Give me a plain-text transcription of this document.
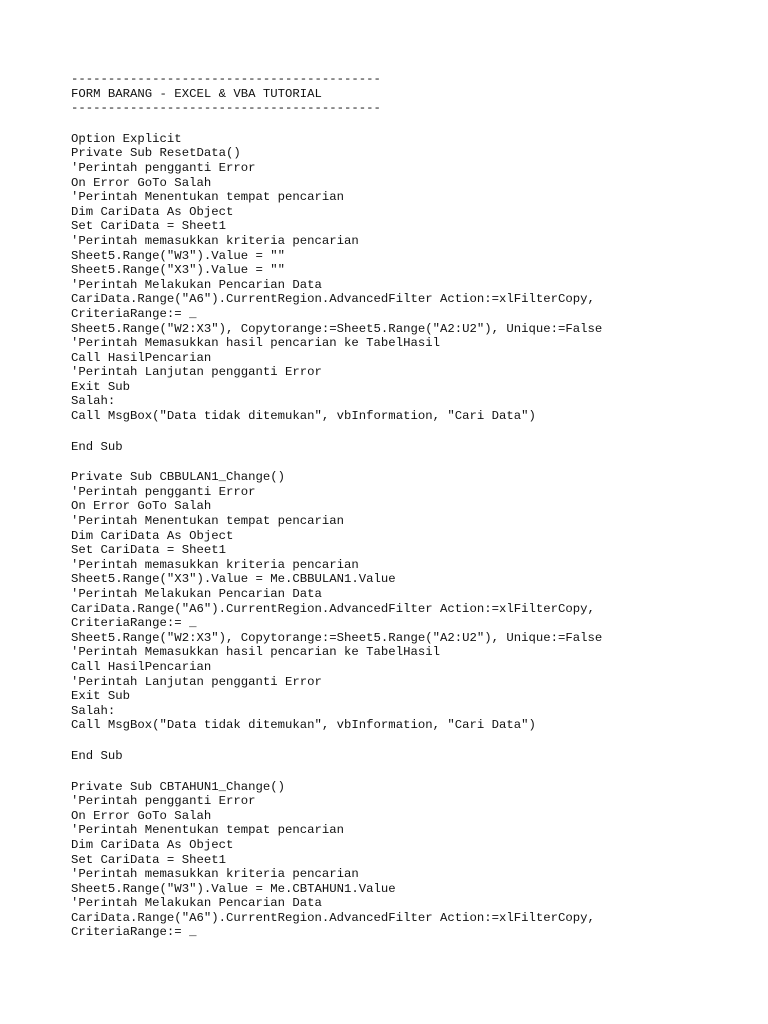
------------------------------------------
FORM BARANG - EXCEL & VBA TUTORIAL
------------------------------------------
Option Explicit
Private Sub ResetData()
'Perintah pengganti Error
On Error GoTo Salah
'Perintah Menentukan tempat pencarian
Dim CariData As Object
Set CariData = Sheet1
'Perintah memasukkan kriteria pencarian
Sheet5.Range("W3").Value = ""
Sheet5.Range("X3").Value = ""
'Perintah Melakukan Pencarian Data
CariData.Range("A6").CurrentRegion.AdvancedFilter Action:=xlFilterCopy,
CriteriaRange:= _
Sheet5.Range("W2:X3"), Copytorange:=Sheet5.Range("A2:U2"), Unique:=False
'Perintah Memasukkan hasil pencarian ke TabelHasil
Call HasilPencarian
'Perintah Lanjutan pengganti Error
Exit Sub
Salah:
Call MsgBox("Data tidak ditemukan", vbInformation, "Cari Data")
End Sub
Private Sub CBBULAN1_Change()
'Perintah pengganti Error
On Error GoTo Salah
'Perintah Menentukan tempat pencarian
Dim CariData As Object
Set CariData = Sheet1
'Perintah memasukkan kriteria pencarian
Sheet5.Range("X3").Value = Me.CBBULAN1.Value
'Perintah Melakukan Pencarian Data
CariData.Range("A6").CurrentRegion.AdvancedFilter Action:=xlFilterCopy,
CriteriaRange:= _
Sheet5.Range("W2:X3"), Copytorange:=Sheet5.Range("A2:U2"), Unique:=False
'Perintah Memasukkan hasil pencarian ke TabelHasil
Call HasilPencarian
'Perintah Lanjutan pengganti Error
Exit Sub
Salah:
Call MsgBox("Data tidak ditemukan", vbInformation, "Cari Data")
End Sub
Private Sub CBTAHUN1_Change()
'Perintah pengganti Error
On Error GoTo Salah
'Perintah Menentukan tempat pencarian
Dim CariData As Object
Set CariData = Sheet1
'Perintah memasukkan kriteria pencarian
Sheet5.Range("W3").Value = Me.CBTAHUN1.Value
'Perintah Melakukan Pencarian Data
CariData.Range("A6").CurrentRegion.AdvancedFilter Action:=xlFilterCopy,
CriteriaRange:= _
